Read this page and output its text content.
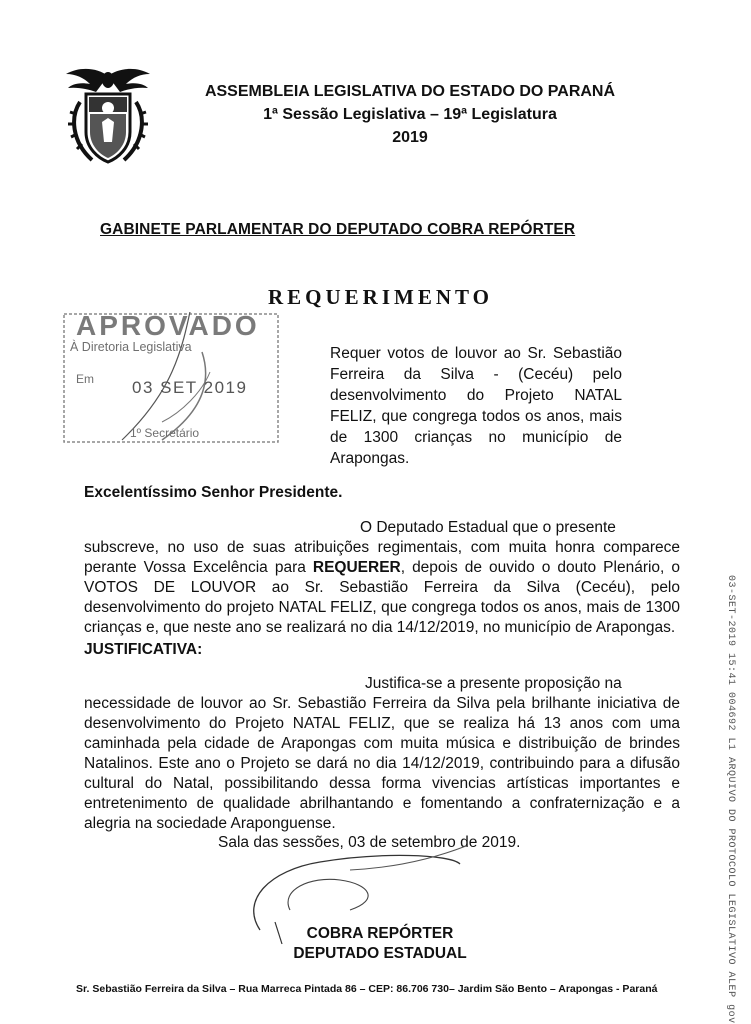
ASSEMBLEIA LEGISLATIVA DO ESTADO DO PARANÁ
1ª Sessão Legislativa – 19ª Legislatura
2019
GABINETE PARLAMENTAR DO DEPUTADO COBRA REPÓRTER
REQUERIMENTO
APROVADO
À Diretoria Legislativa
Em 03 SET 2019
1º Secretário
Requer votos de louvor ao Sr. Sebastião Ferreira da Silva - (Cecéu) pelo desenvolvimento do Projeto NATAL FELIZ, que congrega todos os anos, mais de 1300 crianças no município de Arapongas.
Excelentíssimo Senhor Presidente.
O Deputado Estadual que o presente
subscreve, no uso de suas atribuições regimentais, com muita honra comparece perante Vossa Excelência para REQUERER, depois de ouvido o douto Plenário, o VOTOS DE LOUVOR ao Sr. Sebastião Ferreira da Silva (Cecéu), pelo desenvolvimento do projeto NATAL FELIZ, que congrega todos os anos, mais de 1300 crianças e, que neste ano se realizará no dia 14/12/2019, no município de Arapongas.
JUSTIFICATIVA:
Justifica-se a presente proposição na
necessidade de louvor ao Sr. Sebastião Ferreira da Silva pela brilhante iniciativa de desenvolvimento do Projeto NATAL FELIZ, que se realiza há 13 anos com uma caminhada pela cidade de Arapongas com muita música e distribuição de brindes Natalinos. Este ano o Projeto se dará no dia 14/12/2019, contribuindo para a difusão cultural do Natal, possibilitando dessa forma vivencias artísticas importantes e entretenimento de qualidade abrilhantando e fomentando a confraternização e a alegria na sociedade Araponguense.
Sala das sessões, 03 de setembro de 2019.
COBRA REPÓRTER
DEPUTADO ESTADUAL
Sr. Sebastião Ferreira da Silva – Rua Marreca Pintada 86 – CEP: 86.706 730– Jardim São Bento – Arapongas - Paraná	03-SET-2019 15:41 004692 L1 ARQUIVO DO PROTOCOLO LEGISLATIVO ALEP gov
